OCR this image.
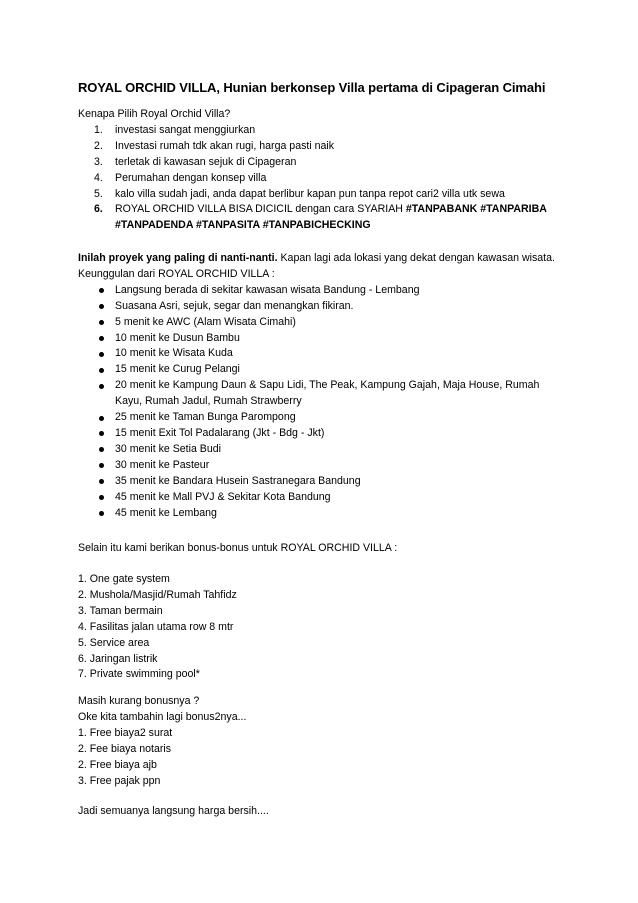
ROYAL ORCHID VILLA, Hunian berkonsep Villa pertama di Cipageran Cimahi

Kenapa Pilih Royal Orchid Villa?

1. investasi sangat menggiurkan
2. Investasi rumah tdk akan rugi, harga pasti naik
3. terletak di kawasan sejuk di Cipageran
4. Perumahan dengan konsep villa
5. kalo villa sudah jadi, anda dapat berlibur kapan pun tanpa repot cari2 villa utk sewa
6. ROYAL ORCHID VILLA BISA DICICIL dengan cara SYARIAH #TANPABANK #TANPARIBA
#TANPADENDA #TANPASITA #TANPABICHECKING

Inilah proyek yang paling di nanti-nanti. Kapan lagi ada lokasi yang dekat dengan kawasan wisata.

Keunggulan dari ROYAL ORCHID VILLA :

Langsung berada di sekitar kawasan wisata Bandung - Lembang
Suasana Asri, sejuk, segar dan menangkan fikiran.
5 menit ke AWC (Alam Wisata Cimahi)
10 menit ke Dusun Bambu
10 menit ke Wisata Kuda
15 menit ke Curug Pelangi
20 menit ke Kampung Daun & Sapu Lidi, The Peak, Kampung Gajah, Maja House, Rumah
Kayu, Rumah Jadul, Rumah Strawberry
25 menit ke Taman Bunga Parompong
15 menit Exit Tol Padalarang (Jkt - Bdg - Jkt)
30 menit ke Setia Budi
30 menit ke Pasteur
35 menit ke Bandara Husein Sastranegara Bandung
45 menit ke Mall PVJ & Sekitar Kota Bandung
45 menit ke Lembang

Selain itu kami berikan bonus-bonus untuk ROYAL ORCHID VILLA :

1. One gate system

2. Mushola/Masjid/Rumah Tahfidz

3. Taman bermain

4. Fasilitas jalan utama row 8 mtr

5. Service area

6. Jaringan listrik

7. Private swimming pool*

Masih kurang bonusnya ?

Oke kita tambahin lagi bonus2nya...

1. Free biaya2 surat

2. Fee biaya notaris

2. Free biaya ajb

3. Free pajak ppn

Jadi semuanya langsung harga bersih....
